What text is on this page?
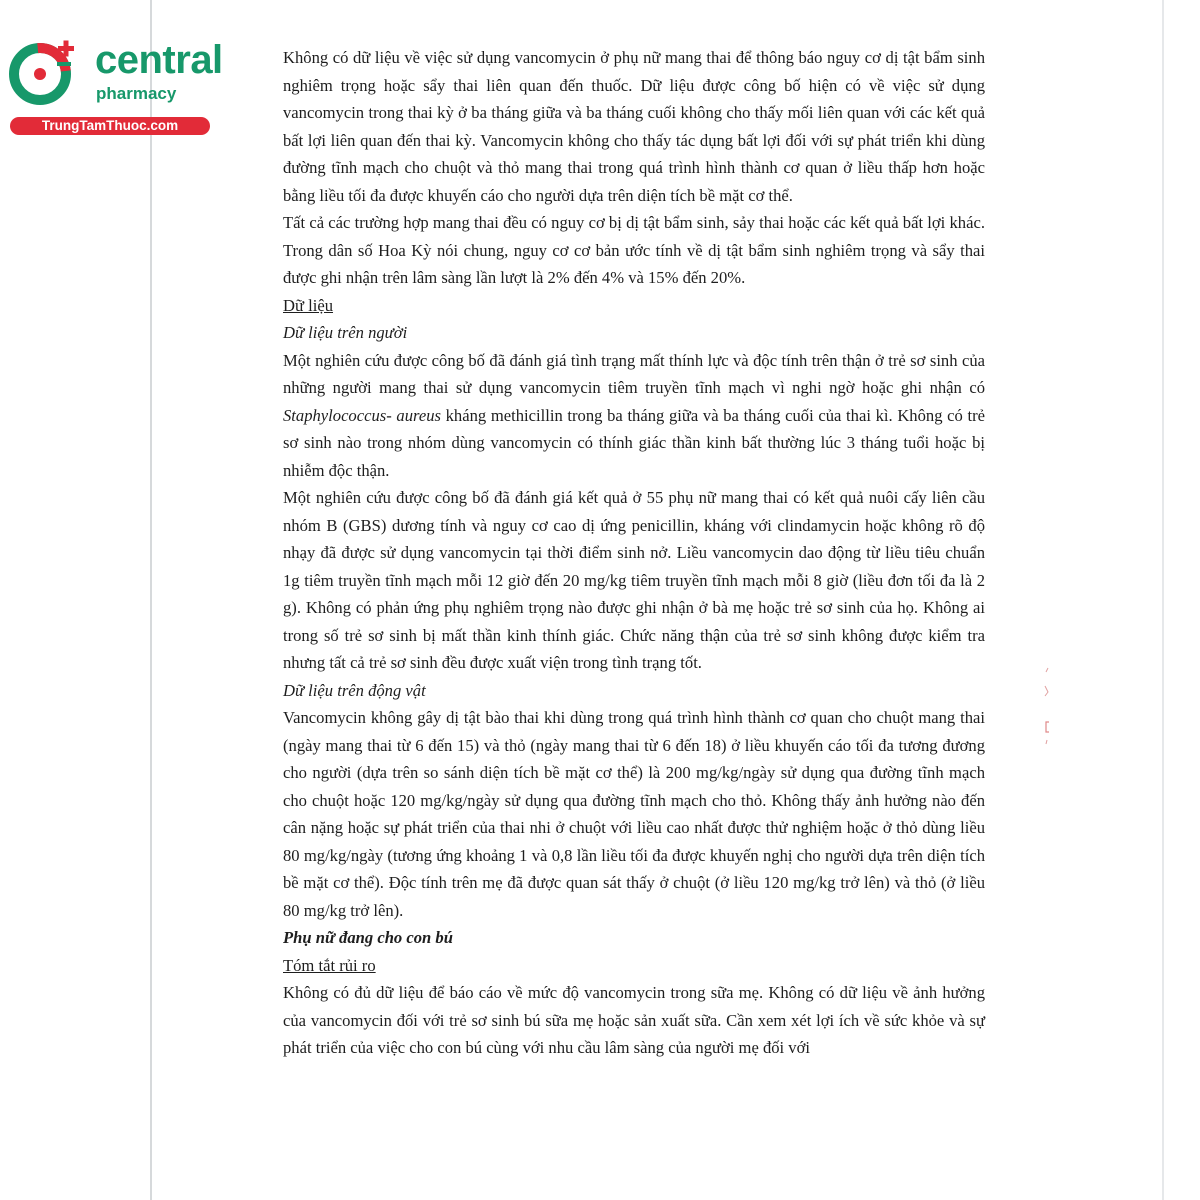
central
pharmacy
TrungTamThuoc.com

Không có dữ liệu về việc sử dụng vancomycin ở phụ nữ mang thai để thông báo nguy cơ dị tật bẩm sinh nghiêm trọng hoặc sẩy thai liên quan đến thuốc. Dữ liệu được công bố hiện có về việc sử dụng vancomycin trong thai kỳ ở ba tháng giữa và ba tháng cuối không cho thấy mối liên quan với các kết quả bất lợi liên quan đến thai kỳ. Vancomycin không cho thấy tác dụng bất lợi đối với sự phát triển khi dùng đường tĩnh mạch cho chuột và thỏ mang thai trong quá trình hình thành cơ quan ở liều thấp hơn hoặc bằng liều tối đa được khuyến cáo cho người dựa trên diện tích bề mặt cơ thể.

Tất cả các trường hợp mang thai đều có nguy cơ bị dị tật bẩm sinh, sảy thai hoặc các kết quả bất lợi khác. Trong dân số Hoa Kỳ nói chung, nguy cơ cơ bản ước tính về dị tật bẩm sinh nghiêm trọng và sẩy thai được ghi nhận trên lâm sàng lần lượt là 2% đến 4% và 15% đến 20%.

Dữ liệu

Dữ liệu trên người

Một nghiên cứu được công bố đã đánh giá tình trạng mất thính lực và độc tính trên thận ở trẻ sơ sinh của những người mang thai sử dụng vancomycin tiêm truyền tĩnh mạch vì nghi ngờ hoặc ghi nhận có Staphylococcus- aureus kháng methicillin trong ba tháng giữa và ba tháng cuối của thai kì. Không có trẻ sơ sinh nào trong nhóm dùng vancomycin có thính giác thần kinh bất thường lúc 3 tháng tuổi hoặc bị nhiễm độc thận.

Một nghiên cứu được công bố đã đánh giá kết quả ở 55 phụ nữ mang thai có kết quả nuôi cấy liên cầu nhóm B (GBS) dương tính và nguy cơ cao dị ứng penicillin, kháng với clindamycin hoặc không rõ độ nhạy đã được sử dụng vancomycin tại thời điểm sinh nở. Liều vancomycin dao động từ liều tiêu chuẩn 1g tiêm truyền tĩnh mạch mỗi 12 giờ đến 20 mg/kg tiêm truyền tĩnh mạch mỗi 8 giờ (liều đơn tối đa là 2 g). Không có phản ứng phụ nghiêm trọng nào được ghi nhận ở bà mẹ hoặc trẻ sơ sinh của họ. Không ai trong số trẻ sơ sinh bị mất thần kinh thính giác. Chức năng thận của trẻ sơ sinh không được kiểm tra nhưng tất cả trẻ sơ sinh đều được xuất viện trong tình trạng tốt.

Dữ liệu trên động vật

Vancomycin không gây dị tật bào thai khi dùng trong quá trình hình thành cơ quan cho chuột mang thai (ngày mang thai từ 6 đến 15) và thỏ (ngày mang thai từ 6 đến 18) ở liều khuyến cáo tối đa tương đương cho người (dựa trên so sánh diện tích bề mặt cơ thể) là 200 mg/kg/ngày sử dụng qua đường tĩnh mạch cho chuột hoặc 120 mg/kg/ngày sử dụng qua đường tĩnh mạch cho thỏ. Không thấy ảnh hưởng nào đến cân nặng hoặc sự phát triển của thai nhi ở chuột với liều cao nhất được thử nghiệm hoặc ở thỏ dùng liều 80 mg/kg/ngày (tương ứng khoảng 1 và 0,8 lần liều tối đa được khuyến nghị cho người dựa trên diện tích bề mặt cơ thể). Độc tính trên mẹ đã được quan sát thấy ở chuột (ở liều 120 mg/kg trở lên) và thỏ (ở liều 80 mg/kg trở lên).

Phụ nữ đang cho con bú

Tóm tắt rủi ro

Không có đủ dữ liệu để báo cáo về mức độ vancomycin trong sữa mẹ. Không có dữ liệu về ảnh hưởng của vancomycin đối với trẻ sơ sinh bú sữa mẹ hoặc sản xuất sữa. Cần xem xét lợi ích về sức khỏe và sự phát triển của việc cho con bú cùng với nhu cầu lâm sàng của người mẹ đối với
